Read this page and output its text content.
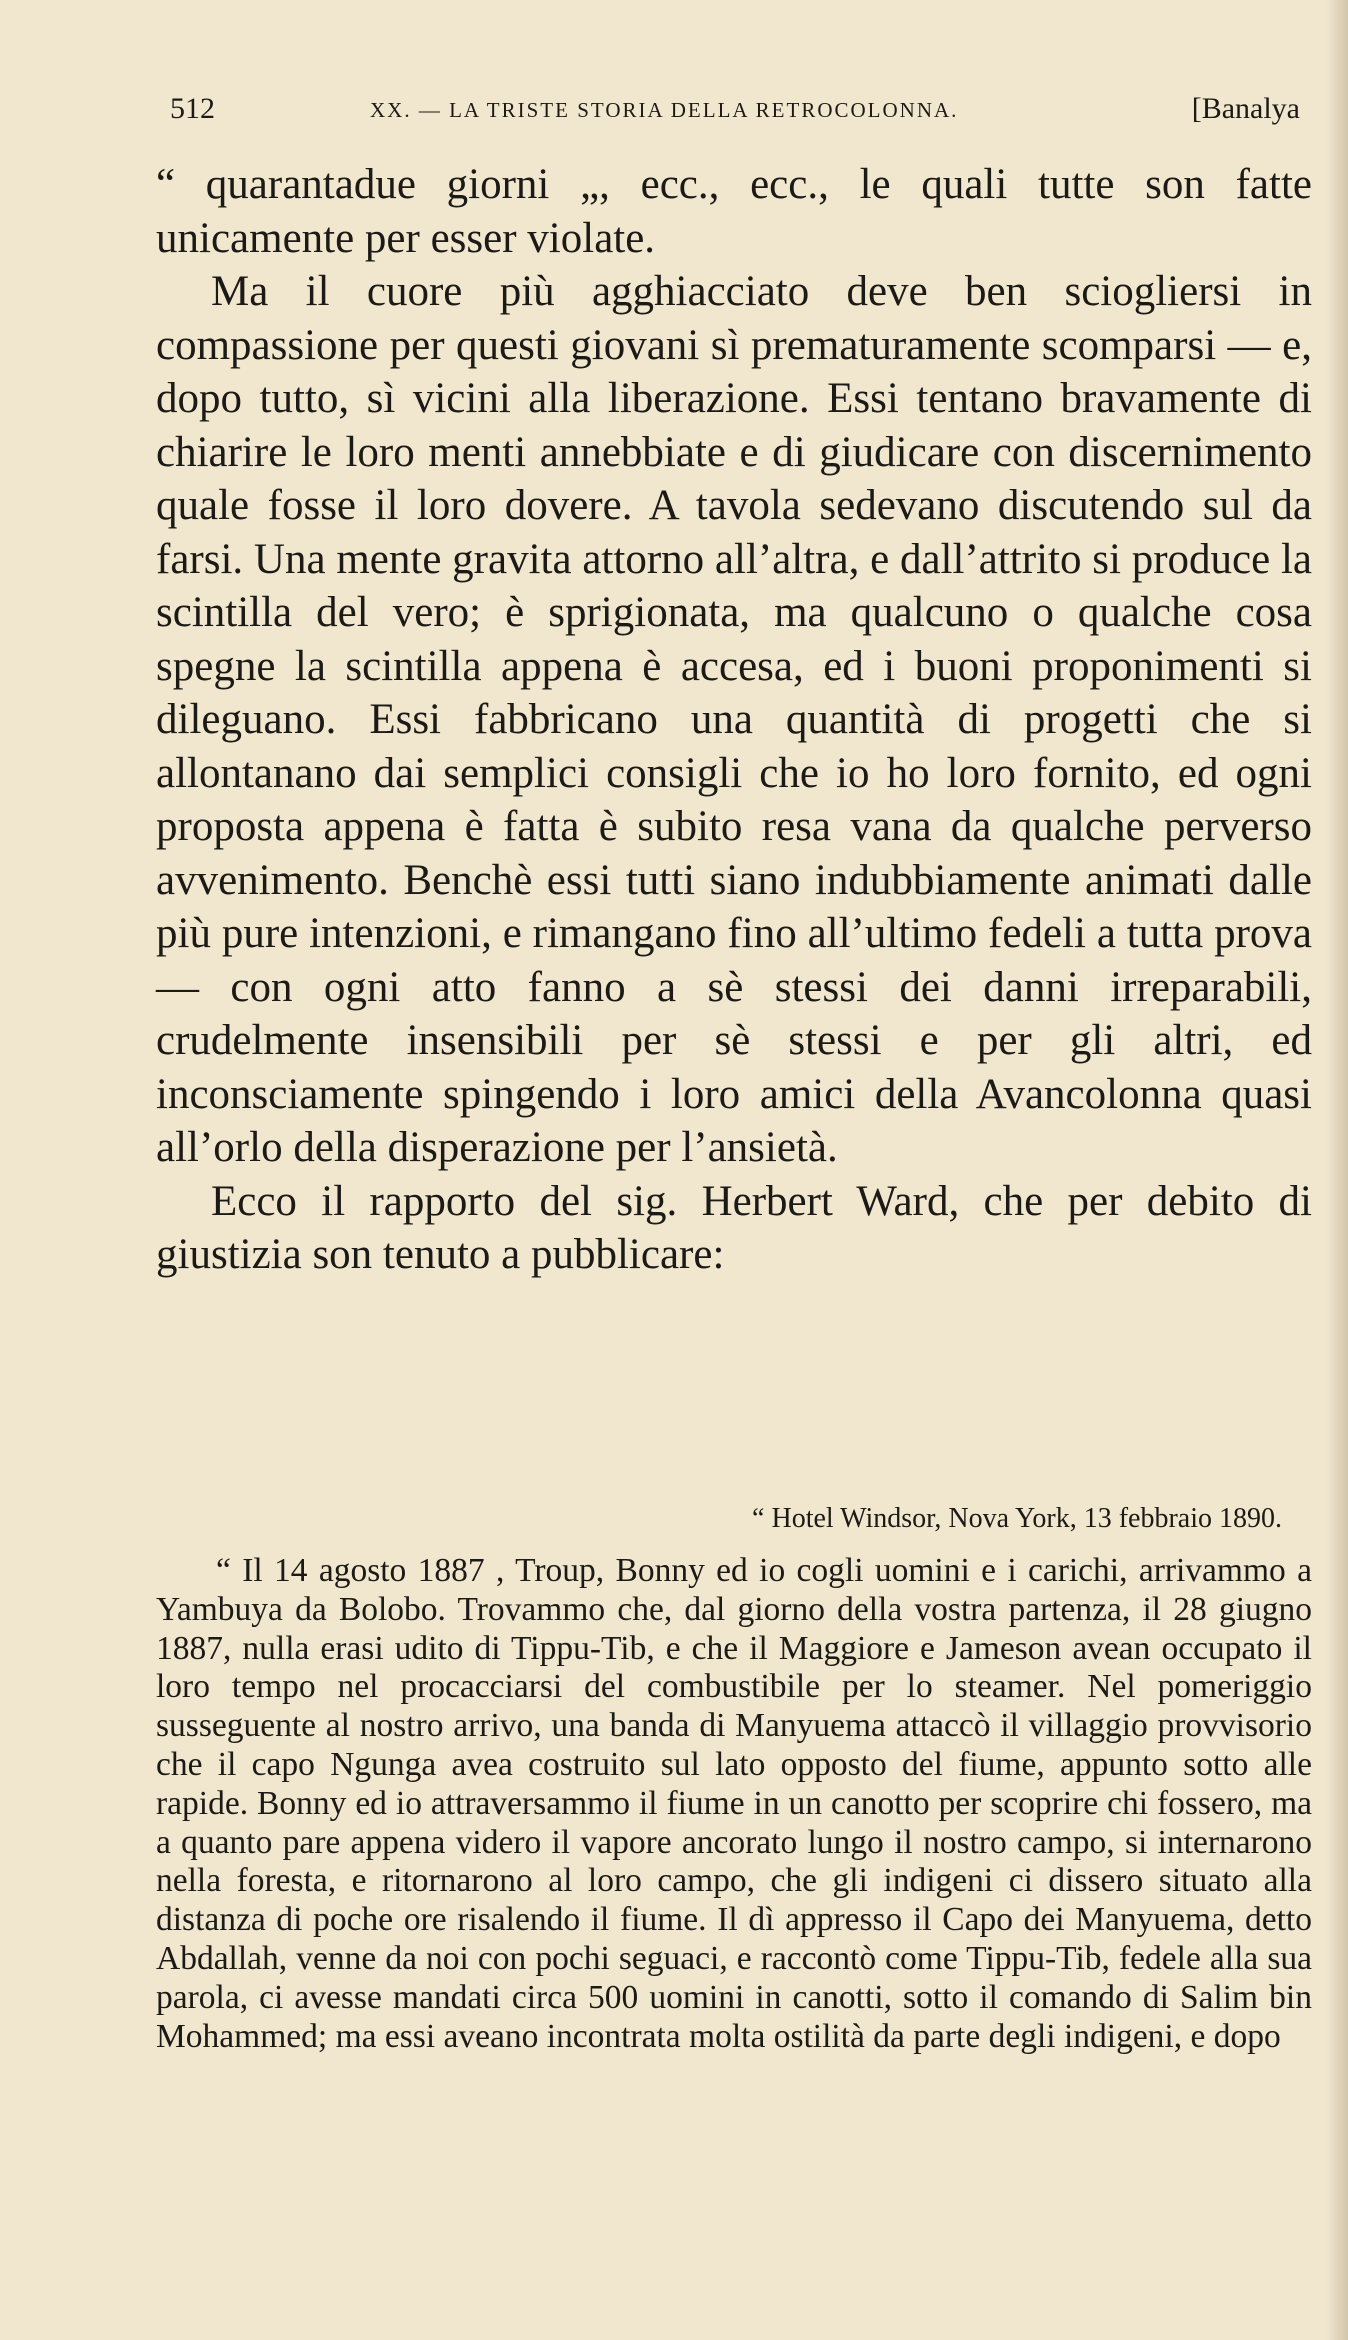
512	XX. — LA TRISTE STORIA DELLA RETROCOLONNA.	[Banalya

“ quarantadue giorni „, ecc., ecc., le quali tutte son fatte unicamente per esser violate.

Ma il cuore più agghiacciato deve ben sciogliersi in compassione per questi giovani sì prematuramente scomparsi — e, dopo tutto, sì vicini alla liberazione. Essi tentano bravamente di chiarire le loro menti annebbiate e di giudicare con discernimento quale fosse il loro dovere. A tavola sedevano discutendo sul da farsi. Una mente gravita attorno all’altra, e dall’attrito si produce la scintilla del vero; è sprigionata, ma qualcuno o qualche cosa spegne la scintilla appena è accesa, ed i buoni proponimenti si dileguano. Essi fabbricano una quantità di progetti che si allontanano dai semplici consigli che io ho loro fornito, ed ogni proposta appena è fatta è subito resa vana da qualche perverso avvenimento. Benchè essi tutti siano indubbiamente animati dalle più pure intenzioni, e rimangano fino all’ultimo fedeli a tutta prova — con ogni atto fanno a sè stessi dei danni irreparabili, crudelmente insensibili per sè stessi e per gli altri, ed inconsciamente spingendo i loro amici della Avancolonna quasi all’orlo della disperazione per l’ansietà.

Ecco il rapporto del sig. Herbert Ward, che per debito di giustizia son tenuto a pubblicare:

“ Hotel Windsor, Nova York, 13 febbraio 1890.

“ Il 14 agosto 1887 , Troup, Bonny ed io cogli uomini e i carichi, arrivammo a Yambuya da Bolobo. Trovammo che, dal giorno della vostra partenza, il 28 giugno 1887, nulla erasi udito di Tippu-Tib, e che il Maggiore e Jameson avean occupato il loro tempo nel procacciarsi del combustibile per lo steamer. Nel pomeriggio susseguente al nostro arrivo, una banda di Manyuema attaccò il villaggio provvisorio che il capo Ngunga avea costruito sul lato opposto del fiume, appunto sotto alle rapide. Bonny ed io attraversammo il fiume in un canotto per scoprire chi fossero, ma a quanto pare appena videro il vapore ancorato lungo il nostro campo, si internarono nella foresta, e ritornarono al loro campo, che gli indigeni ci dissero situato alla distanza di poche ore risalendo il fiume. Il dì appresso il Capo dei Manyuema, detto Abdallah, venne da noi con pochi seguaci, e raccontò come Tippu-Tib, fedele alla sua parola, ci avesse mandati circa 500 uomini in canotti, sotto il comando di Salim bin Mohammed; ma essi aveano incontrata molta ostilità da parte degli indigeni, e dopo
